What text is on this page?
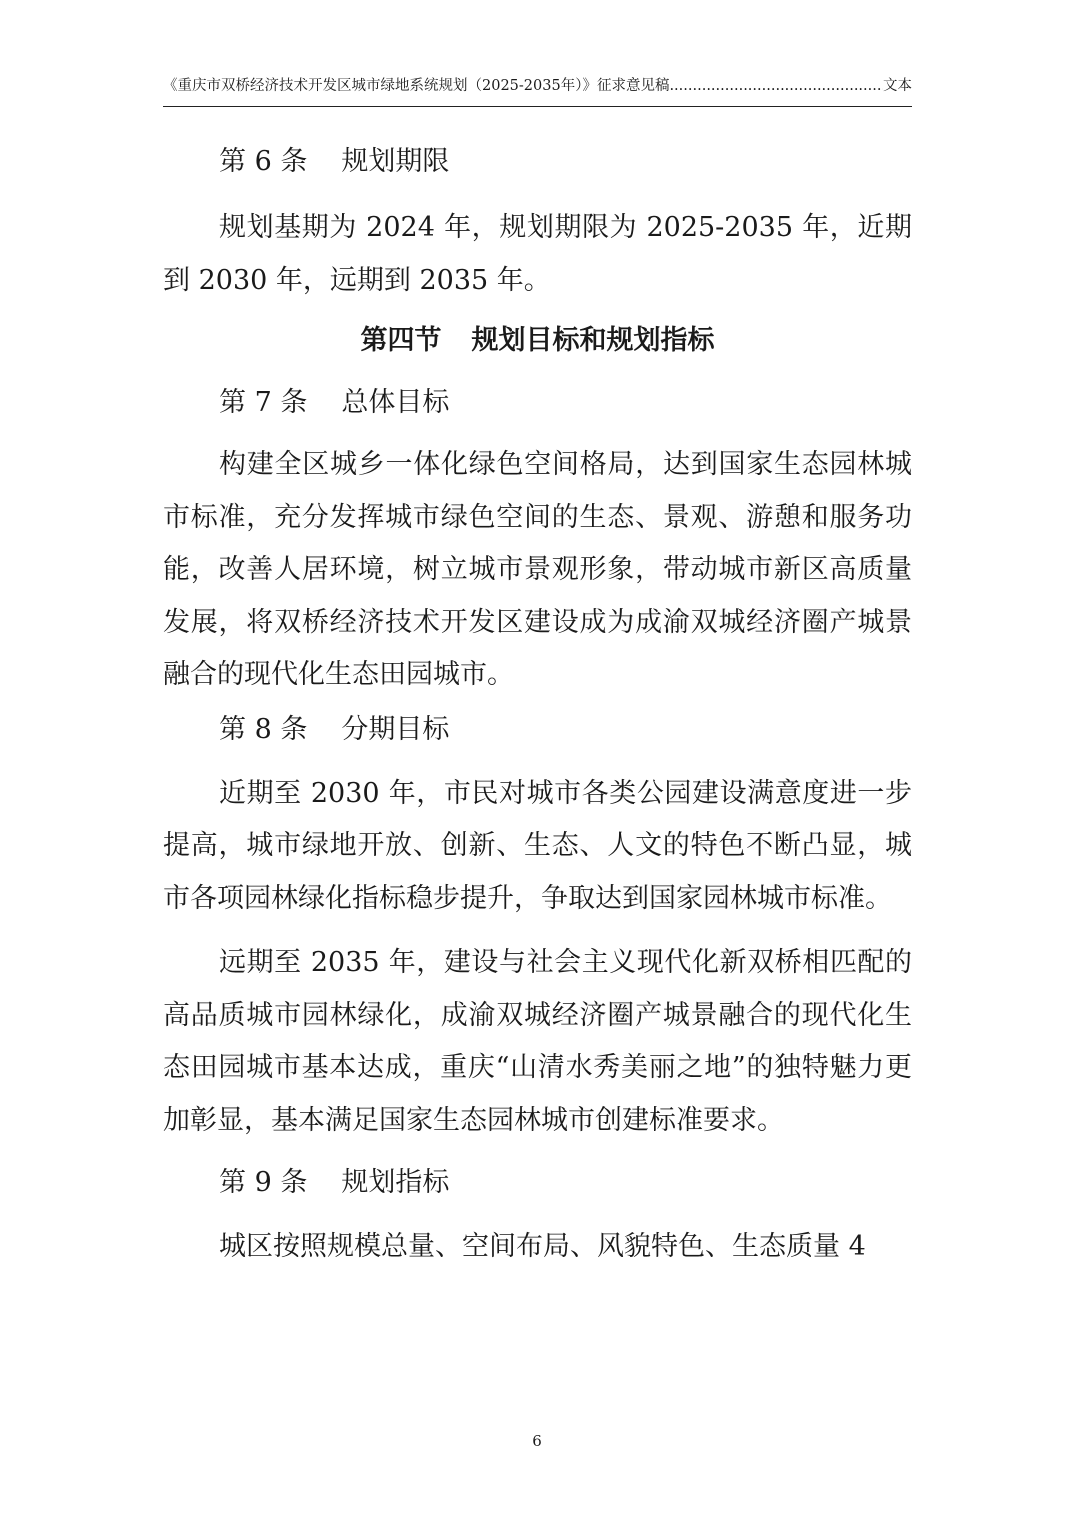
《重庆市双桥经济技术开发区城市绿地系统规划（2025-2035年）》征求意见稿 .....	文本
第 6 条 规划期限

规划基期为 2024 年，规划期限为 2025-2035 年，近期到 2030 年，远期到 2035 年。

第四节 规划目标和规划指标
第 7 条 总体目标

构建全区城乡一体化绿色空间格局，达到国家生态园林城市标准，充分发挥城市绿色空间的生态、景观、游憩和服务功能，改善人居环境，树立城市景观形象，带动城市新区高质量发展，将双桥经济技术开发区建设成为成渝双城经济圈产城景融合的现代化生态田园城市。

第 8 条 分期目标

近期至 2030 年，市民对城市各类公园建设满意度进一步提高，城市绿地开放、创新、生态、人文的特色不断凸显，城市各项园林绿化指标稳步提升，争取达到国家园林城市标准。

远期至 2035 年，建设与社会主义现代化新双桥相匹配的高品质城市园林绿化，成渝双城经济圈产城景融合的现代化生态田园城市基本达成，重庆“山清水秀美丽之地”的独特魅力更加彰显，基本满足国家生态园林城市创建标准要求。

第 9 条 规划指标

城区按照规模总量、空间布局、风貌特色、生态质量 4

6
